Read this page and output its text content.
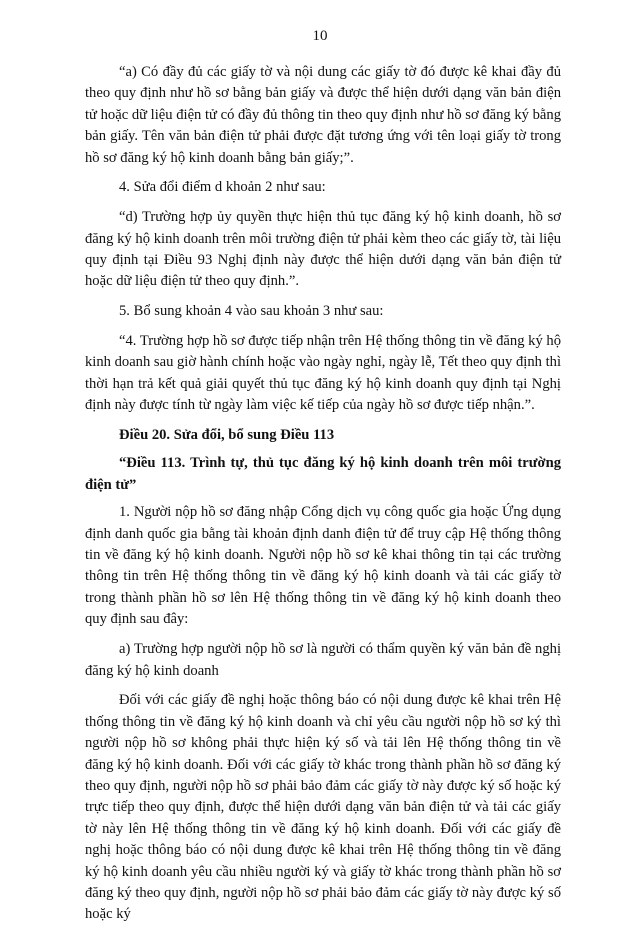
10

“a) Có đầy đủ các giấy tờ và nội dung các giấy tờ đó được kê khai đầy đủ theo quy định như hồ sơ bằng bản giấy và được thể hiện dưới dạng văn bản điện tử hoặc dữ liệu điện tử có đầy đủ thông tin theo quy định như hồ sơ đăng ký bằng bản giấy. Tên văn bản điện tử phải được đặt tương ứng với tên loại giấy tờ trong hồ sơ đăng ký hộ kinh doanh bằng bản giấy;”.

4. Sửa đổi điểm d khoản 2 như sau:

“d) Trường hợp ủy quyền thực hiện thủ tục đăng ký hộ kinh doanh, hồ sơ đăng ký hộ kinh doanh trên môi trường điện tử phải kèm theo các giấy tờ, tài liệu quy định tại Điều 93 Nghị định này được thể hiện dưới dạng văn bản điện tử hoặc dữ liệu điện tử theo quy định.”.

5. Bổ sung khoản 4 vào sau khoản 3 như sau:

“4. Trường hợp hồ sơ được tiếp nhận trên Hệ thống thông tin về đăng ký hộ kinh doanh sau giờ hành chính hoặc vào ngày nghỉ, ngày lễ, Tết theo quy định thì thời hạn trả kết quả giải quyết thủ tục đăng ký hộ kinh doanh quy định tại Nghị định này được tính từ ngày làm việc kế tiếp của ngày hồ sơ được tiếp nhận.”.

Điều 20. Sửa đổi, bổ sung Điều 113

“Điều 113. Trình tự, thủ tục đăng ký hộ kinh doanh trên môi trường điện tử”

1. Người nộp hồ sơ đăng nhập Cổng dịch vụ công quốc gia hoặc Ứng dụng định danh quốc gia bằng tài khoản định danh điện tử để truy cập Hệ thống thông tin về đăng ký hộ kinh doanh. Người nộp hồ sơ kê khai thông tin tại các trường thông tin trên Hệ thống thông tin về đăng ký hộ kinh doanh và tải các giấy tờ trong thành phần hồ sơ lên Hệ thống thông tin về đăng ký hộ kinh doanh theo quy định sau đây:

a) Trường hợp người nộp hồ sơ là người có thẩm quyền ký văn bản đề nghị đăng ký hộ kinh doanh

Đối với các giấy đề nghị hoặc thông báo có nội dung được kê khai trên Hệ thống thông tin về đăng ký hộ kinh doanh và chỉ yêu cầu người nộp hồ sơ ký thì người nộp hồ sơ không phải thực hiện ký số và tải lên Hệ thống thông tin về đăng ký hộ kinh doanh. Đối với các giấy tờ khác trong thành phần hồ sơ đăng ký theo quy định, người nộp hồ sơ phải bảo đảm các giấy tờ này được ký số hoặc ký trực tiếp theo quy định, được thể hiện dưới dạng văn bản điện tử và tải các giấy tờ này lên Hệ thống thông tin về đăng ký hộ kinh doanh. Đối với các giấy đề nghị hoặc thông báo có nội dung được kê khai trên Hệ thống thông tin về đăng ký hộ kinh doanh yêu cầu nhiều người ký và giấy tờ khác trong thành phần hồ sơ đăng ký theo quy định, người nộp hồ sơ phải bảo đảm các giấy tờ này được ký số hoặc ký
